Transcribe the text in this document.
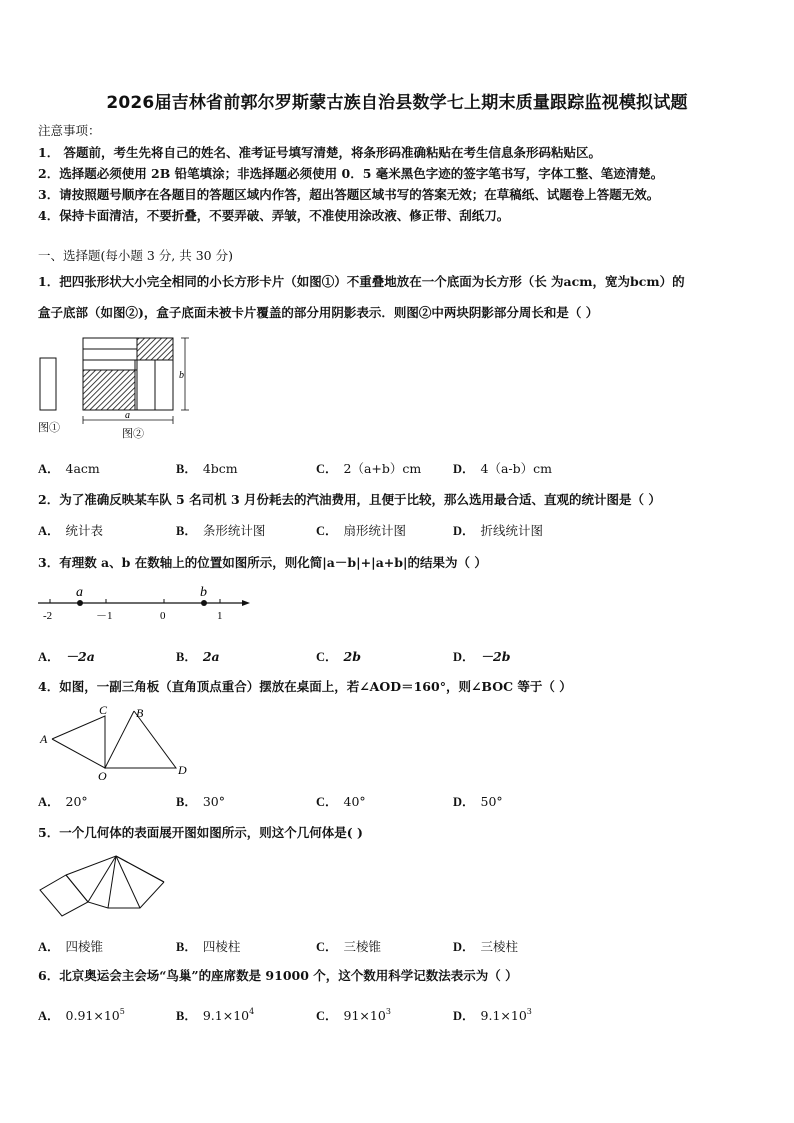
2026届吉林省前郭尔罗斯蒙古族自治县数学七上期末质量跟踪监视模拟试题
注意事项：
1． 答题前，考生先将自己的姓名、准考证号填写清楚，将条形码准确粘贴在考生信息条形码粘贴区。
2．选择题必须使用 2B 铅笔填涂；非选择题必须使用 0．5 毫米黑色字迹的签字笔书写，字体工整、笔迹清楚。
3．请按照题号顺序在各题目的答题区域内作答，超出答题区域书写的答案无效；在草稿纸、试题卷上答题无效。
4．保持卡面清洁，不要折叠，不要弄破、弄皱，不准使用涂改液、修正带、刮纸刀。
一、选择题(每小题 3 分, 共 30 分)
1．把四张形状大小完全相同的小长方形卡片（如图①）不重叠地放在一个底面为长方形（长 为acm，宽为bcm）的
盒子底部（如图②)，盒子底面未被卡片覆盖的部分用阴影表示．则图②中两块阴影部分周长和是（ ）
b
a
图①	图②
A． 4acm	B． 4bcm	C． 2（a+b）cm	D． 4（a-b）cm
2．为了准确反映某车队 5 名司机 3 月份耗去的汽油费用，且便于比较，那么选用最合适、直观的统计图是（ ）
A． 统计表	B． 条形统计图	C． 扇形统计图	D． 折线统计图
3．有理数 a、b 在数轴上的位置如图所示，则化简|a－b|+|a+b|的结果为（ ）
a	b
-2	－1	0	1
A． －2a	B． 2a	C． 2b	D． －2b
4．如图，一副三角板（直角顶点重合）摆放在桌面上，若∠AOD＝160°，则∠BOC 等于（ ）
A
B
C
O	D
A． 20°	B． 30°	C． 40°	D． 50°
5．一个几何体的表面展开图如图所示，则这个几何体是( )
A． 四棱锥	B． 四棱柱	C． 三棱锥	D． 三棱柱
6．北京奥运会主会场“鸟巢”的座席数是 91000 个，这个数用科学记数法表示为（ ）
A． $0.91\times 10^5$	B． $9.1\times 10^4$	C． $91\times 10^3$	D． $9.1\times 10^3$
